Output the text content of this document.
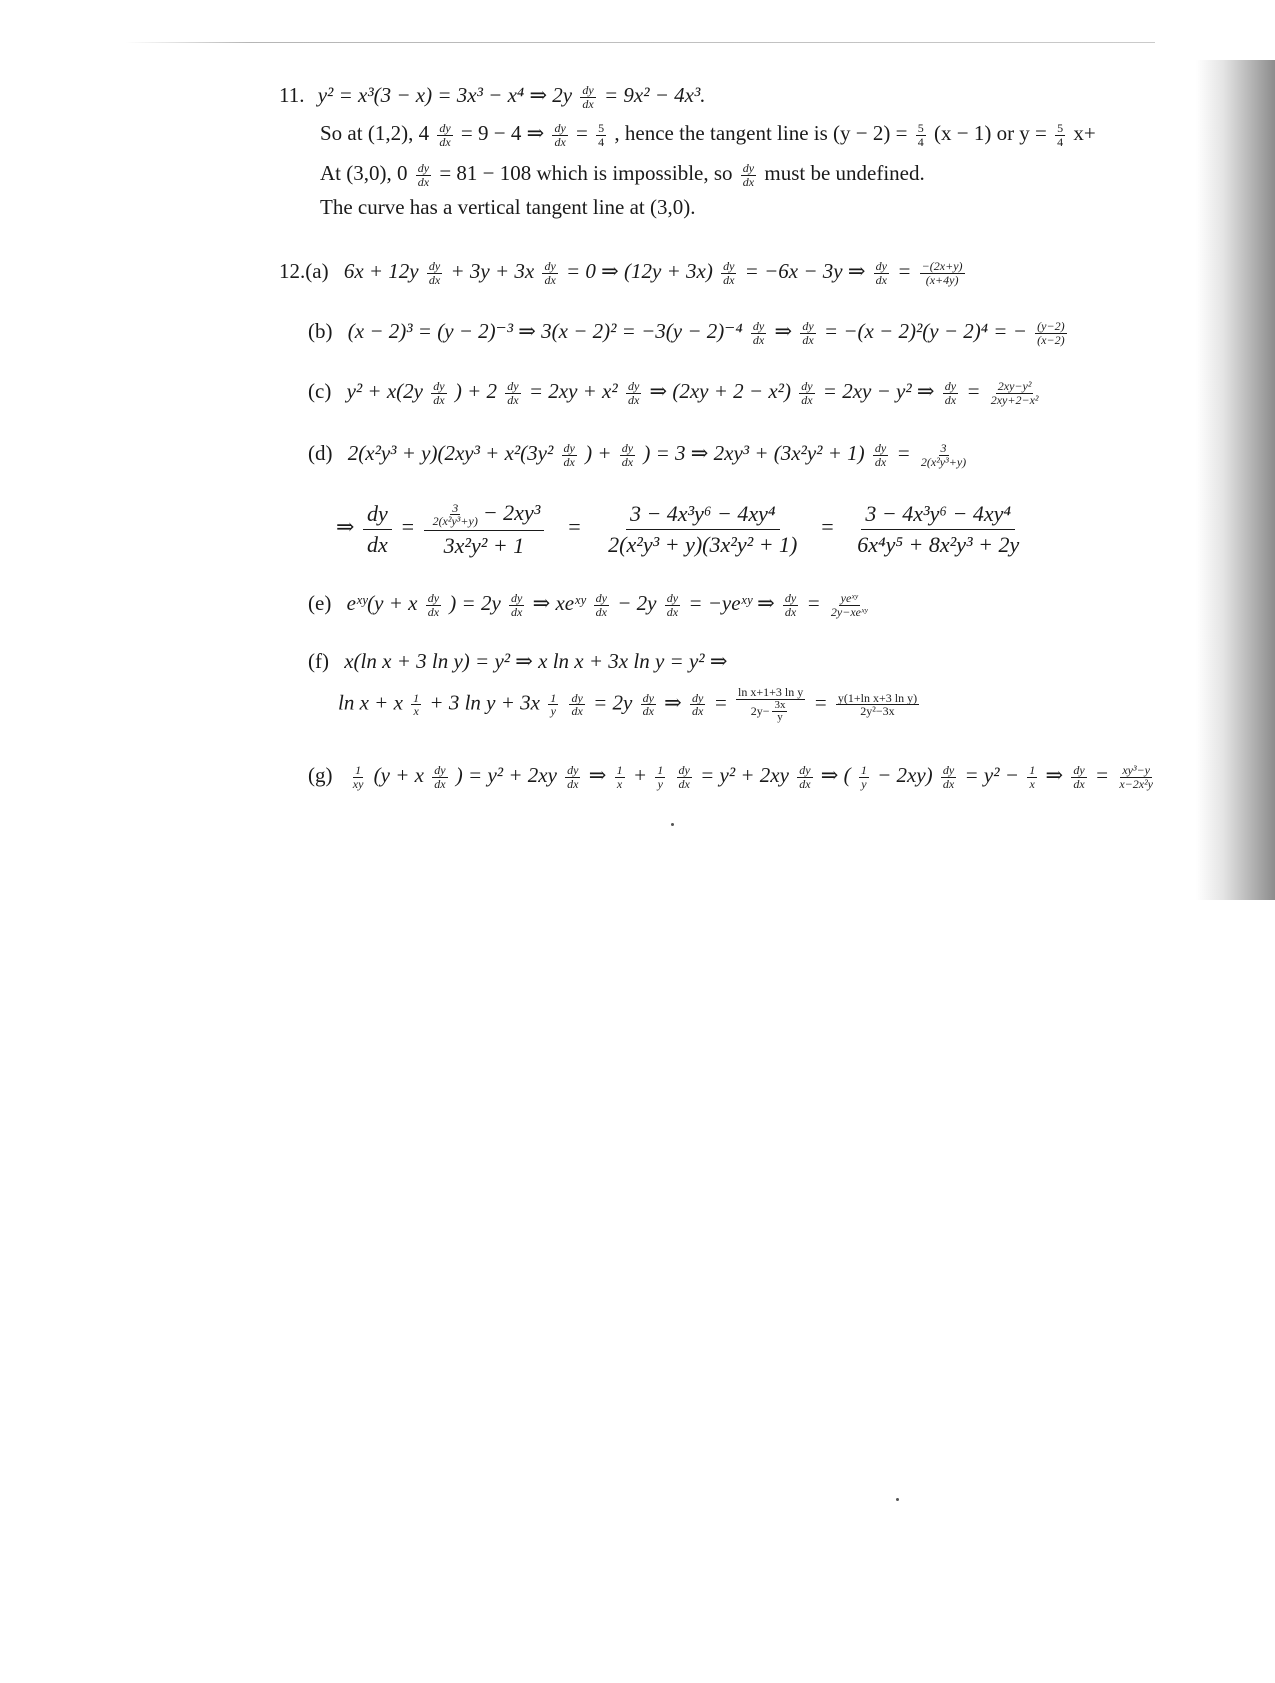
11. y² = x³(3 − x) = 3x³ − x⁴ ⇒ $2y \frac{dy}{dx} = 9x^2 - 4x^3$.
So at (1,2), $4 \frac{dy}{dx} = 9 - 4$ ⇒ $\frac{dy}{dx} = \frac{5}{4}$ , hence the tangent line is $(y - 2) = \frac{5}{4} (x - 1)$ or $y = \frac{5}{4} x+$
At (3,0), $0 \frac{dy}{dx} = 81 - 108$ which is impossible, so $\frac{dy}{dx}$ must be undefined.
The curve has a vertical tangent line at (3,0).
12.(a) $6x + 12y \frac{dy}{dx} + 3y + 3x \frac{dy}{dx} = 0$ ⇒ $(12y + 3x) \frac{dy}{dx} = -6x - 3y$ ⇒ $\frac{dy}{dx} = \frac{-(2x+y)}{(x+4y)}$
(b) (x − 2)³ = (y − 2)⁻³ ⇒ $3(x - 2)^2 = -3(y - 2)^{-4} \frac{dy}{dx}$ ⇒ $\frac{dy}{dx} = -(x - 2)^2(y - 2)^4$ = − $\frac{(y-2)}{(x-2)}$
(c) $y^2 + x(2y \frac{dy}{dx}$ ) + $2 \frac{dy}{dx} = 2xy + x^2 \frac{dy}{dx}$ ⇒ $(2xy + 2 - x^2) \frac{dy}{dx} = 2xy - y^2$ ⇒ $\frac{dy}{dx} = \frac{\text{2xy−y²}}{\text{2xy+2−x²}}$
(d) $2(x^2y^3 + y)(2xy^3 + x^2(3y^2 \frac{dy}{dx}$ ) + $\frac{dy}{dx}$ ) = 3 ⇒ $2xy^3 + (3x^2y^2 + 1) \frac{dy}{dx} = \frac{3}{\text{2(x²y³+y)}}$
⇒ $\frac{dy}{dx} = \frac{\frac{3}{\text{2(x²y³+y)}} - 2xy^3}{\text{3x²y² + 1}} = \frac{\text{3 − 4x³y⁶ − 4xy⁴}}{\text{2(x²y³ + y)(3x²y² + 1)}} = \frac{\text{3 − 4x³y⁶ − 4xy⁴}}{\text{6x⁴y⁵ + 8x²y³ + 2y}}$
(e) eˣʸ(y + x $\frac{dy}{dx}$ ) = $2y \frac{dy}{dx}$ ⇒ xeˣʸ $\frac{dy}{dx} - 2y \frac{dy}{dx}$ = −yeˣʸ ⇒ $\frac{dy}{dx} = \frac{\text{yeˣʸ}}{\text{2y−xeˣʸ}}$
(f) x(ln x + 3 ln y) = y² ⇒ x ln x + 3x ln y = y² ⇒
ln x + x $\frac{1}{x} + 3$ $\ln y + 3x \frac{1}{y}$
$\frac{dy}{dx} = 2y \frac{dy}{dx}$ ⇒ $\frac{dy}{dx} = \frac{\text{ln x+1+3 ln y}}{2y- \frac{3x}{y}} = \frac{\text{y(1+ln x+3 ln y)}}{\text{2y²−3x}}$
$(g) \frac{1}{xy} (y + x \frac{dy}{dx}$ ) = $y^2 + 2xy \frac{dy}{dx}$ ⇒ $\frac{1}{x} + \frac{1}{y}$
$\frac{dy}{dx} = y^2 + 2xy \frac{dy}{dx}$ ⇒ ( $\frac{1}{y} - 2xy) \frac{dy}{dx} = y^2 - \frac{1}{x}$ ⇒ $\frac{dy}{dx} = \frac{\text{xy³−y}}{\text{x−2x²y}}$
